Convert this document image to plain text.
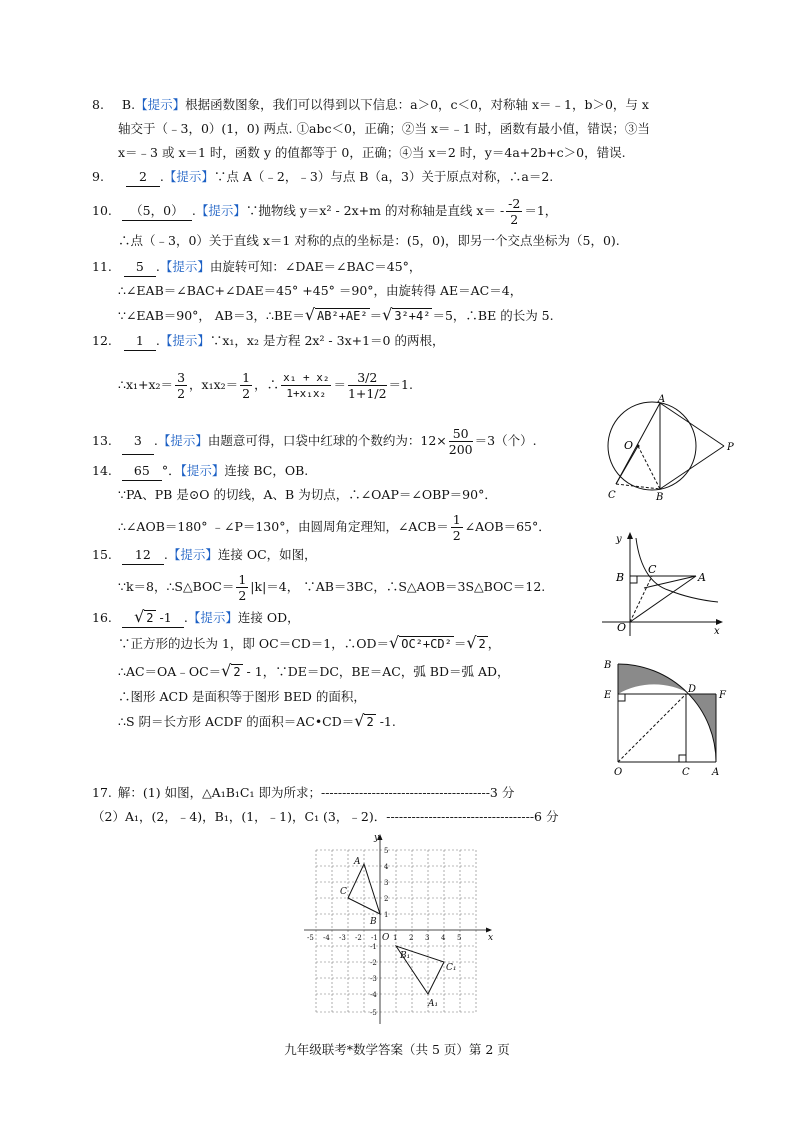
8. B.【提示】根据函数图象，我们可以得到以下信息：a＞0，c＜0，对称轴 x＝﹣1，b＞0，与 x
轴交于（﹣3，0）(1，0) 两点. ①abc＜0，正确；②当 x＝﹣1 时，函数有最小值，错误；③当
x＝﹣3 或 x＝1 时，函数 y 的值都等于 0，正确；④当 x＝2 时，y＝4a+2b+c＞0，错误.
9.	2 .【提示】∵点 A（﹣2，﹣3）与点 B（a，3）关于原点对称，∴a＝2.
10. （5，0） .【提示】∵抛物线 y＝x² - 2x+m 的对称轴是直线 $x= - \frac{-2}{2} =1$，
∴点（﹣3，0）关于直线 x＝1 对称的点的坐标是：(5，0)，即另一个交点坐标为（5，0).
11. 5 .【提示】由旋转可知：∠DAE＝∠BAC＝45°，
∴∠EAB＝∠BAC+∠DAE＝45° +45° ＝90°，由旋转得 AE＝AC＝4，
∵∠EAB＝90°， AB＝3，∴BE＝√ AB²+AE² ＝√ 3²+4² ＝5，∴BE 的长为 5.
12. 1 .【提示】∵x₁，x₂ 是方程 2x² - 3x+1＝0 的两根，
∴x₁+x₂＝ $\frac{3}{2}$ ，$x_1x_2= \frac{1}{2}$ ，∴ $\frac{\text{x₁ + x₂}}{\text{1+x₁x₂}} = \frac{3/2}{1+1/2} =1$.
13. 3 .【提示】由题意可得，口袋中红球的个数约为：$12\times \frac{50}{200} =3$（个）.
14. 65 °．【提示】连接 BC，OB.
∵PA、PB 是⊙O 的切线，A、B 为切点，∴∠OAP＝∠OBP＝90°．
∴∠AOB＝180° ﹣∠P＝130°，由圆周角定理知，∠ACB＝ $\frac{1}{2}$ ∠AOB＝65°．
15. 12 .【提示】连接 OC，如图，
∵k＝8，∴S△BOC＝ $\frac{1}{2} |k|=4$， ∵AB＝3BC，∴S△AOB＝3S△BOC＝12.
16. √ 2 -1 .【提示】连接 OD，
∵正方形的边长为 1，即 OC＝CD＝1，∴OD＝√ OC²+CD² ＝√ 2 ，
∴AC＝OA﹣OC＝√ 2 - 1，∵DE＝DC，BE＝AC，弧 BD＝弧 AD，
∴图形 ACD 是面积等于图形 BED 的面积，
∴S 阴＝长方形 ACDF 的面积＝AC•CD＝√ 2 -1.
17. 解：(1) 如图，△A₁B₁C₁ 即为所求；----------------------------------------3 分
（2）A₁，(2，﹣4)，B₁，(1，﹣1)，C₁ (3，﹣2)．-----------------------------------6 分
A
O	P
C	B
y
B
C
A
O	x
B
E
D
F
O	C A
-5 -4 -3 -2 -1 1 2 3 4 5
5
4
3
2
1
-1
-2
-3
-4
-5
y
x
O
A
B
C
B₁
C₁
A₁
九年级联考*数学答案（共 5 页）第 2 页
